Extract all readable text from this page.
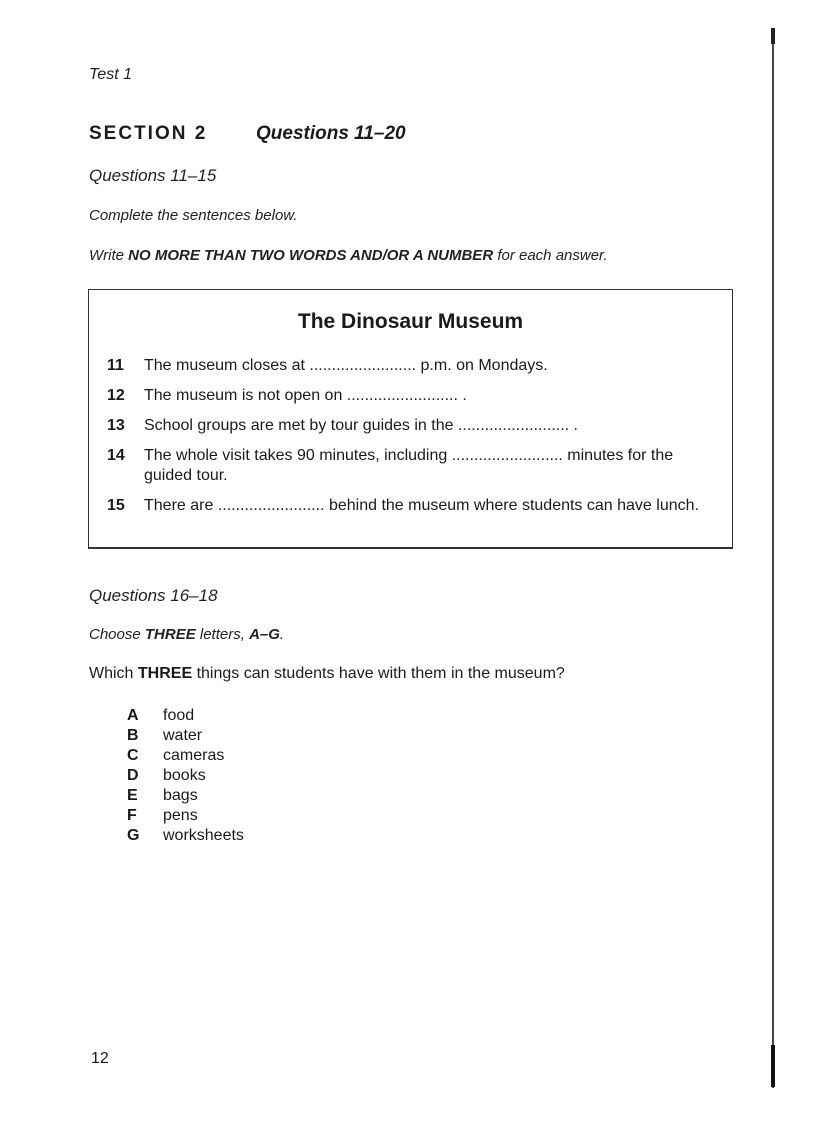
Test 1
SECTION 2	Questions 11–20
Questions 11–15
Complete the sentences below.
Write NO MORE THAN TWO WORDS AND/OR A NUMBER for each answer.
The Dinosaur Museum
11 The museum closes at ........................ p.m. on Mondays.
12 The museum is not open on ......................... .
13 School groups are met by tour guides in the ......................... .
14 The whole visit takes 90 minutes, including ......................... minutes for the guided tour.
15 There are ........................ behind the museum where students can have lunch.
Questions 16–18
Choose THREE letters, A–G.
Which THREE things can students have with them in the museum?
A food
B water
C cameras
D books
E bags
F pens
G worksheets
12
